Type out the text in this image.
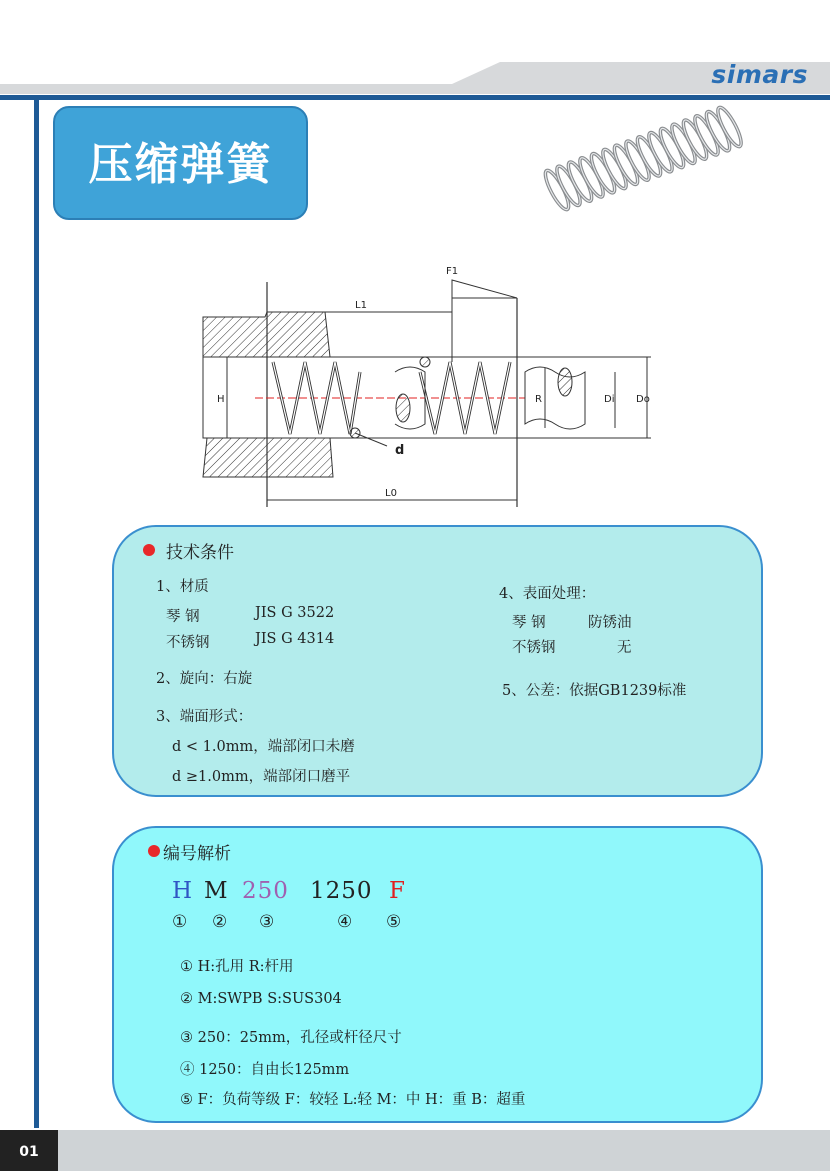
simars
压缩弹簧
F1
L1
L0
H	R	Di Do
d
技术条件
1、材质
琴 钢	JIS G 3522
不锈钢	JIS G 4314
2、旋向：右旋
3、端面形式：
d < 1.0mm，端部闭口未磨
d ≥1.0mm，端部闭口磨平
4、表面处理：
琴 钢	防锈油
不锈钢	无
5、公差：依据GB1239标准
编号解析
H M 250 1250 F
① ② ③	④ ⑤
① H:孔用 R:杆用
② M:SWPB S:SUS304
③ 250：25mm，孔径或杆径尺寸
④ 1250：自由长125mm
⑤ F：负荷等级 F：较轻 L:轻 M：中 H：重 B：超重
01
